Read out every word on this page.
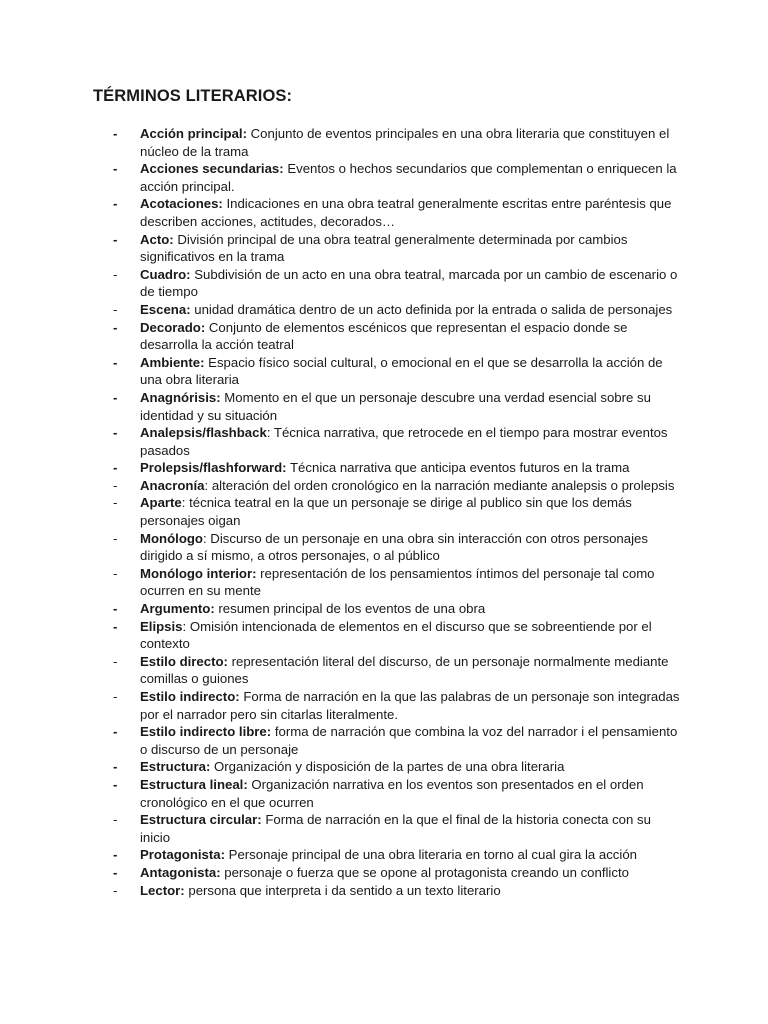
TÉRMINOS LITERARIOS:
- Acción principal: Conjunto de eventos principales en una obra literaria que constituyen el núcleo de la trama
- Acciones secundarias: Eventos o hechos secundarios que complementan o enriquecen la acción principal.
- Acotaciones: Indicaciones en una obra teatral generalmente escritas entre paréntesis que describen acciones, actitudes, decorados…
- Acto: División principal de una obra teatral generalmente determinada por cambios significativos en la trama
- Cuadro: Subdivisión de un acto en una obra teatral, marcada por un cambio de escenario o de tiempo
- Escena: unidad dramática dentro de un acto definida por la entrada o salida de personajes
- Decorado: Conjunto de elementos escénicos que representan el espacio donde se desarrolla la acción teatral
- Ambiente: Espacio físico social cultural, o emocional en el que se desarrolla la acción de una obra literaria
- Anagnórisis: Momento en el que un personaje descubre una verdad esencial sobre su identidad y su situación
- Analepsis/flashback: Técnica narrativa, que retrocede en el tiempo para mostrar eventos pasados
- Prolepsis/flashforward: Técnica narrativa que anticipa eventos futuros en la trama
- Anacronía: alteración del orden cronológico en la narración mediante analepsis o prolepsis
- Aparte: técnica teatral en la que un personaje se dirige al publico sin que los demás personajes oigan
- Monólogo: Discurso de un personaje en una obra sin interacción con otros personajes dirigido a sí mismo, a otros personajes, o al público
- Monólogo interior: representación de los pensamientos íntimos del personaje tal como ocurren en su mente
- Argumento: resumen principal de los eventos de una obra
- Elipsis: Omisión intencionada de elementos en el discurso que se sobreentiende por el contexto
- Estilo directo: representación literal del discurso, de un personaje normalmente mediante comillas o guiones
- Estilo indirecto: Forma de narración en la que las palabras de un personaje son integradas por el narrador pero sin citarlas literalmente.
- Estilo indirecto libre: forma de narración que combina la voz del narrador i el pensamiento o discurso de un personaje
- Estructura: Organización y disposición de la partes de una obra literaria
- Estructura lineal: Organización narrativa en los eventos son presentados en el orden cronológico en el que ocurren
- Estructura circular: Forma de narración en la que el final de la historia conecta con su inicio
- Protagonista: Personaje principal de una obra literaria en torno al cual gira la acción
- Antagonista: personaje o fuerza que se opone al protagonista creando un conflicto
- Lector: persona que interpreta i da sentido a un texto literario
